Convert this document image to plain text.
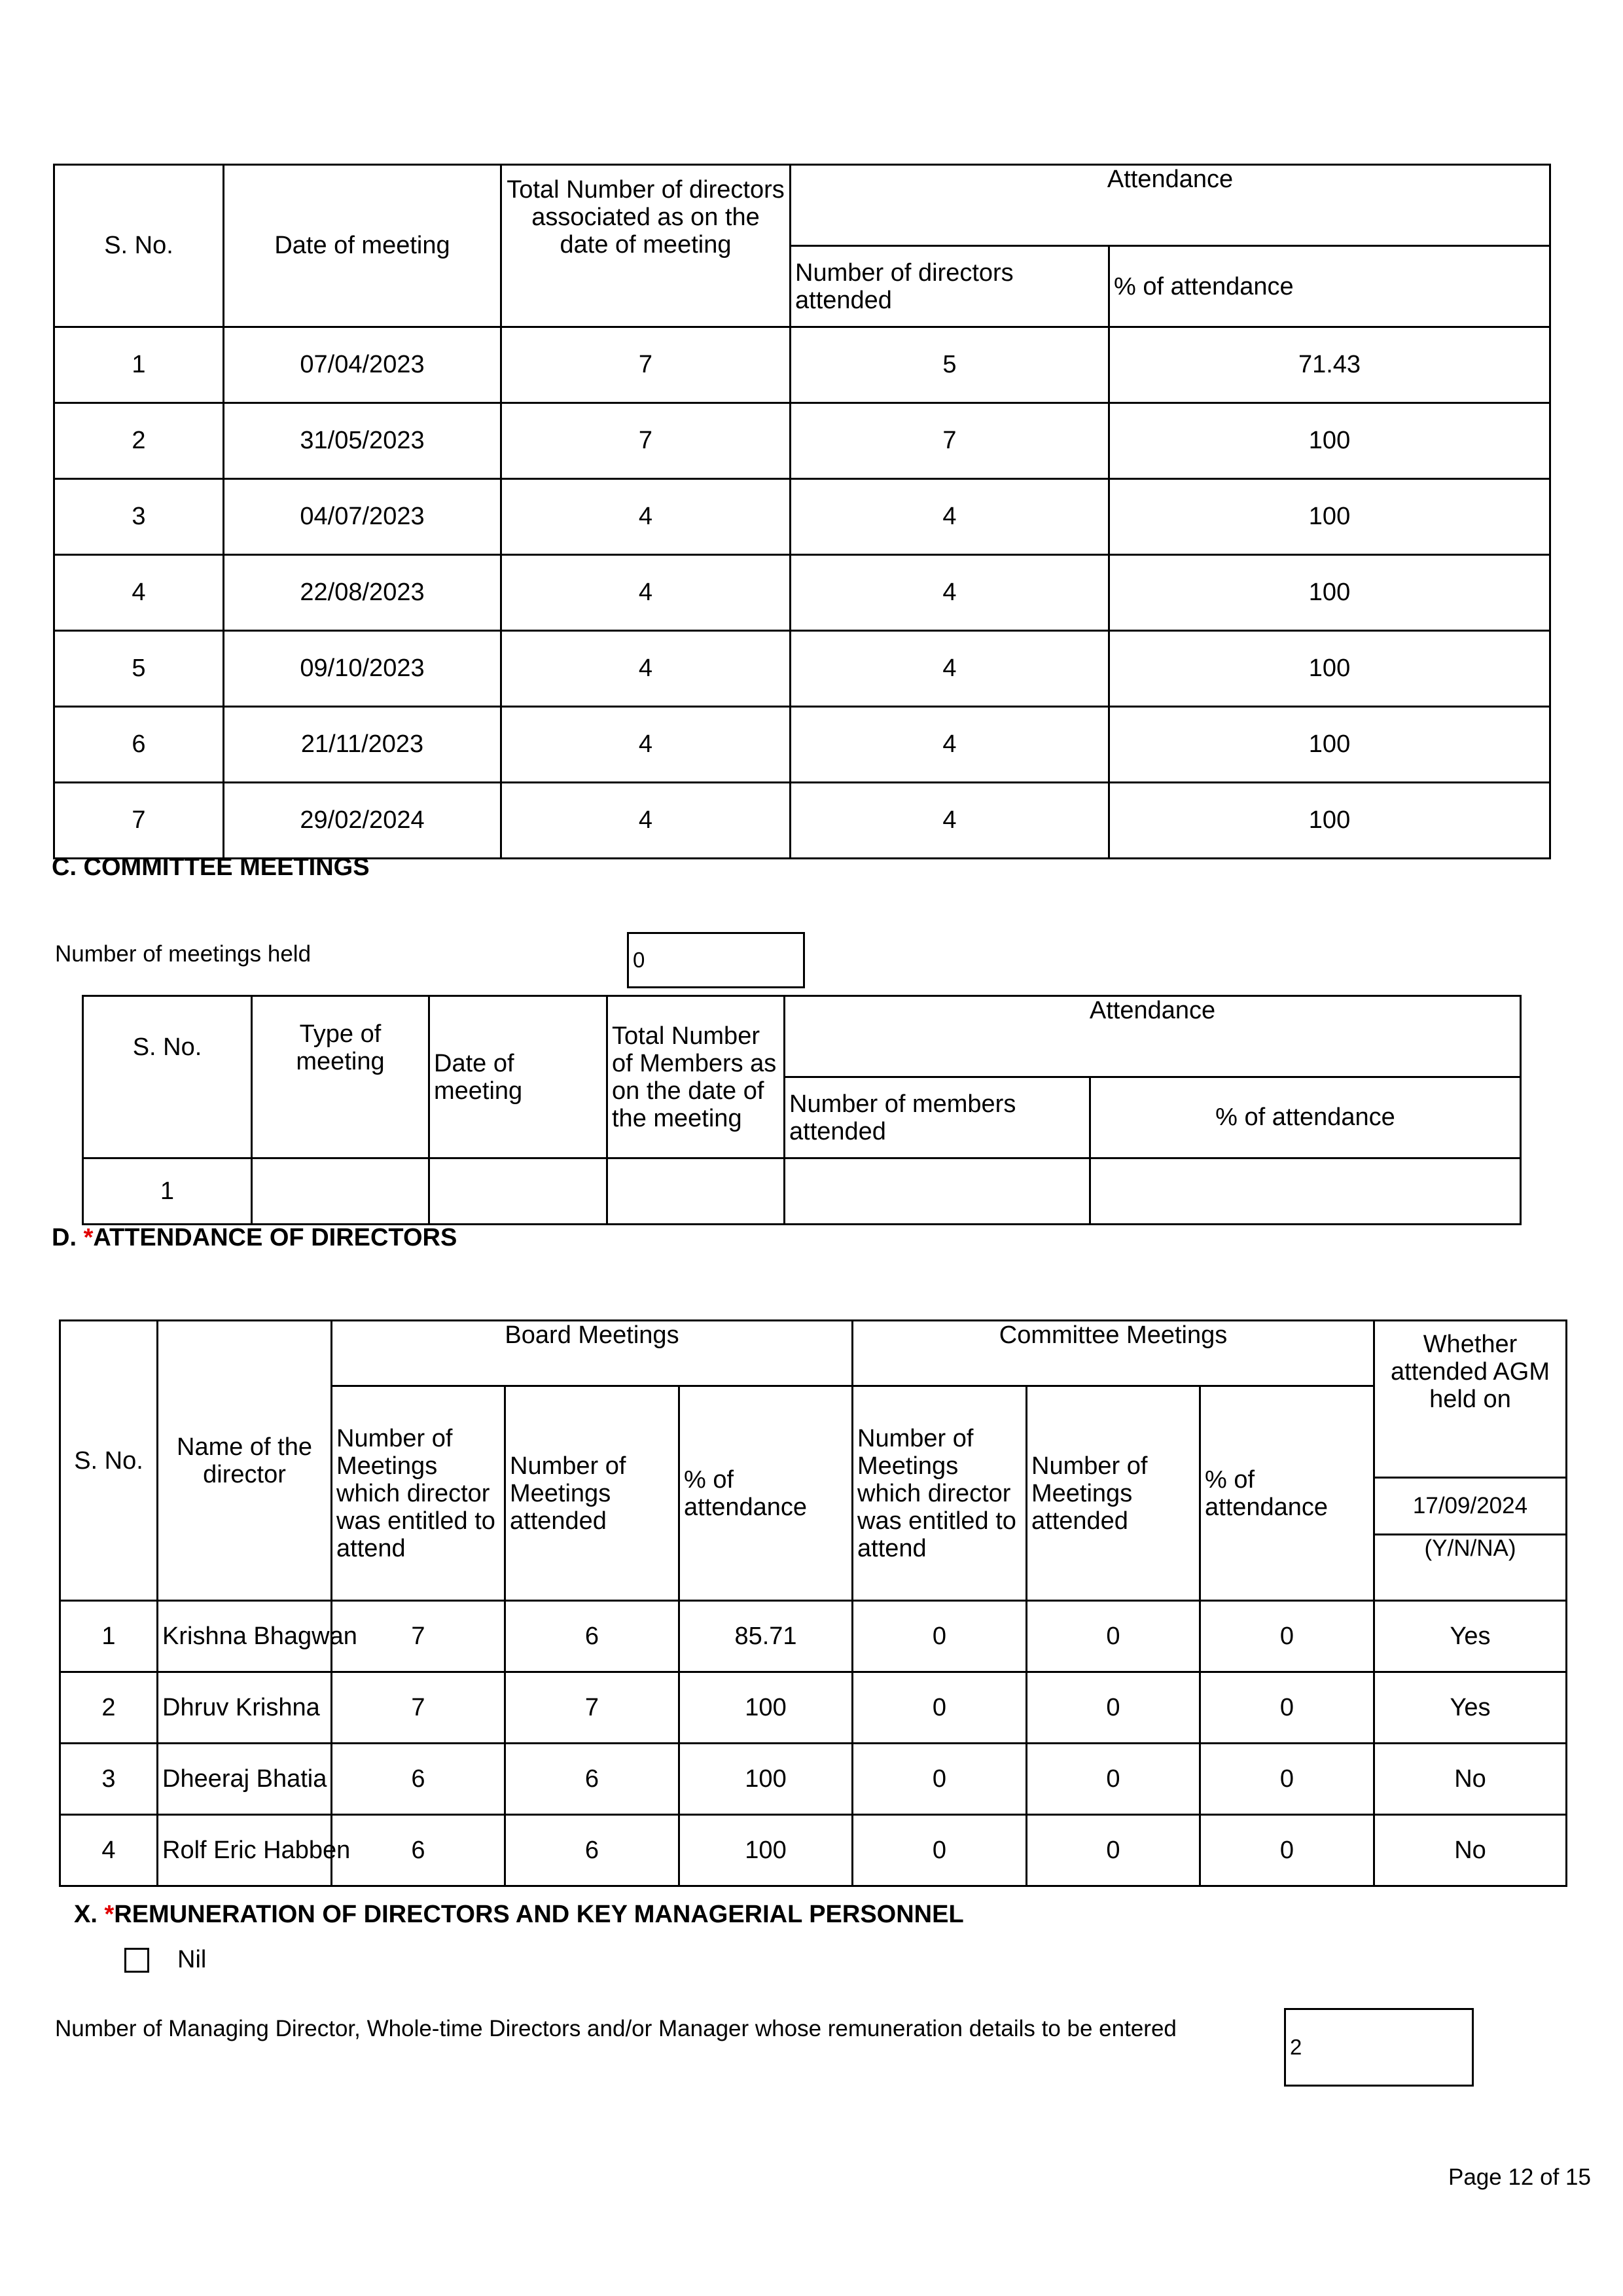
S. No.	Date of meeting	Total Number of directors associated as on the date of meeting	Attendance	
			Number of directors attended	% of attendance
1	07/04/2023	7	5	71.43
2	31/05/2023	7	7	100
3	04/07/2023	4	4	100
4	22/08/2023	4	4	100
5	09/10/2023	4	4	100
6	21/11/2023	4	4	100
7	29/02/2024	4	4	100
C. COMMITTEE MEETINGS
Number of meetings held	0
S. No.	Type of meeting	Date of meeting	Total Number of Members as on the date of the meeting	Attendance	
				Number of members attended	% of attendance
1					
D. *ATTENDANCE OF DIRECTORS
S. No.	Name of the director	Board Meetings			Committee Meetings			Whether attended AGM held on
		Number of Meetings which director was entitled to attend	Number of Meetings attended	% of attendance	Number of Meetings which director was entitled to attend	Number of Meetings attended	% of attendance	

								17/09/2024
(Y/N/NA)

1	Krishna Bhagwan	7	6	85.71	0	0	0	Yes
2	Dhruv Krishna	7	7	100	0	0	0	Yes
3	Dheeraj Bhatia	6	6	100	0	0	0	No
4	Rolf Eric Habben	6	6	100	0	0	0	No
X. *REMUNERATION OF DIRECTORS AND KEY MANAGERIAL PERSONNEL
Nil
Number of Managing Director, Whole-time Directors and/or Manager whose remuneration details to be entered
2
Page 12 of 15
